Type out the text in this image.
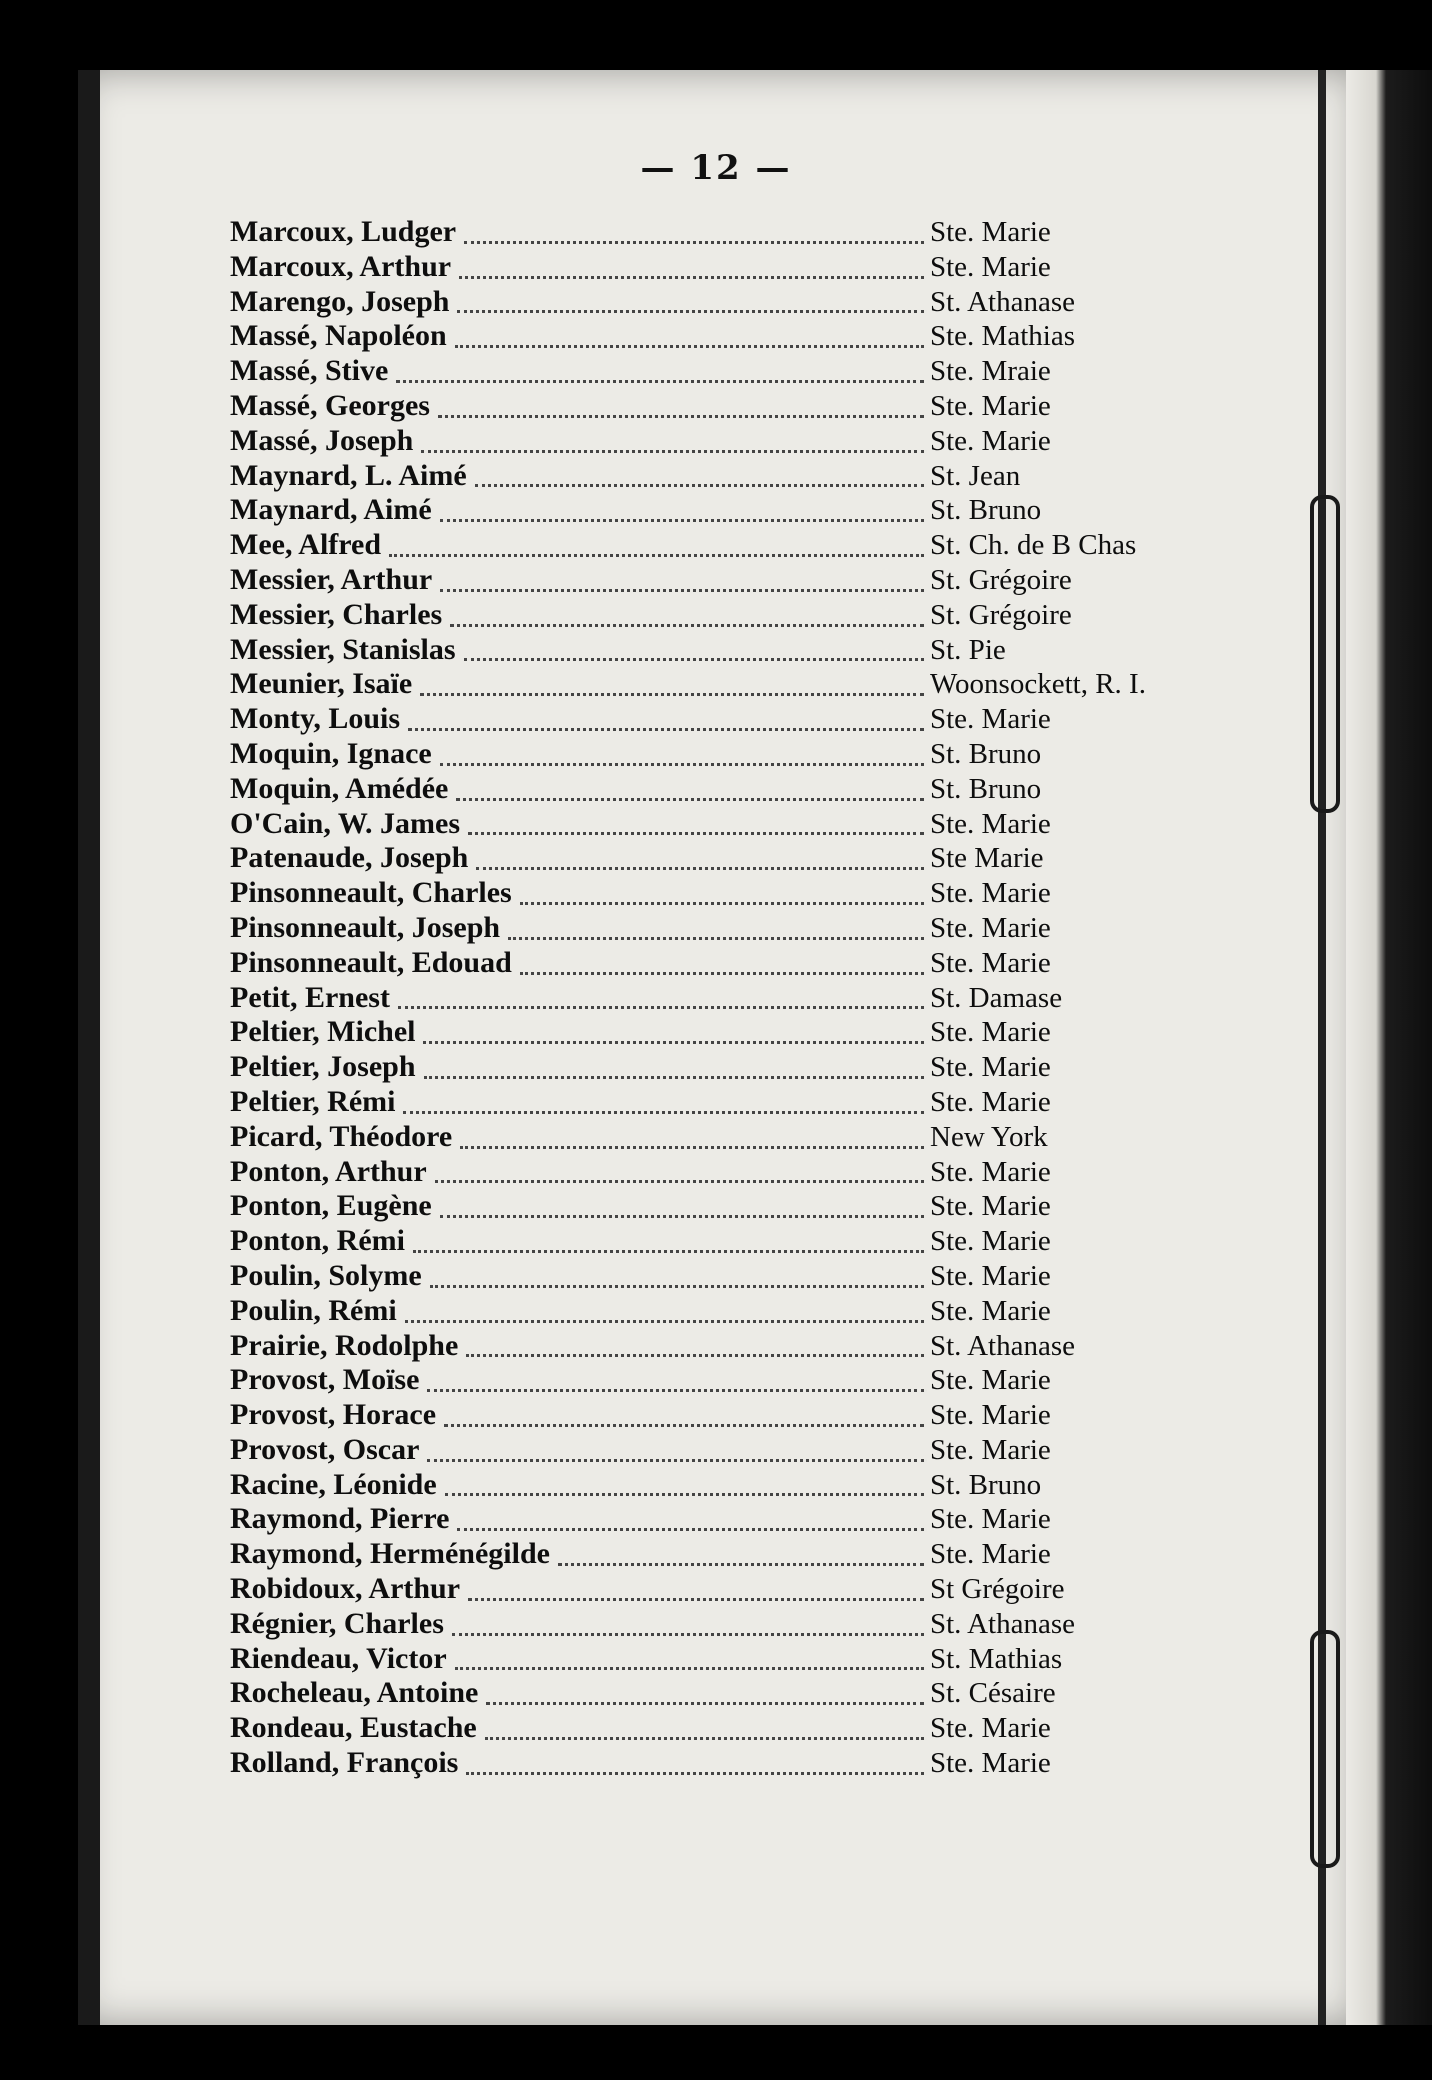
— 12 —
Marcoux, Ludger	Ste. Marie
Marcoux, Arthur	Ste. Marie
Marengo, Joseph	St. Athanase
Massé, Napoléon	Ste. Mathias
Massé, Stive	Ste. Mraie
Massé, Georges	Ste. Marie
Massé, Joseph	Ste. Marie
Maynard, L. Aimé	St. Jean
Maynard, Aimé	St. Bruno
Mee, Alfred	St. Ch. de B Chas
Messier, Arthur	St. Grégoire
Messier, Charles	St. Grégoire
Messier, Stanislas	St. Pie
Meunier, Isaïe	Woonsockett, R. I.
Monty, Louis	Ste. Marie
Moquin, Ignace	St. Bruno
Moquin, Amédée	St. Bruno
O'Cain, W. James	Ste. Marie
Patenaude, Joseph	Ste Marie
Pinsonneault, Charles	Ste. Marie
Pinsonneault, Joseph	Ste. Marie
Pinsonneault, Edouad	Ste. Marie
Petit, Ernest	St. Damase
Peltier, Michel	Ste. Marie
Peltier, Joseph	Ste. Marie
Peltier, Rémi	Ste. Marie
Picard, Théodore	New York
Ponton, Arthur	Ste. Marie
Ponton, Eugène	Ste. Marie
Ponton, Rémi	Ste. Marie
Poulin, Solyme	Ste. Marie
Poulin, Rémi	Ste. Marie
Prairie, Rodolphe	St. Athanase
Provost, Moïse	Ste. Marie
Provost, Horace	Ste. Marie
Provost, Oscar	Ste. Marie
Racine, Léonide	St. Bruno
Raymond, Pierre	Ste. Marie
Raymond, Herménégilde	Ste. Marie
Robidoux, Arthur	St Grégoire
Régnier, Charles	St. Athanase
Riendeau, Victor	St. Mathias
Rocheleau, Antoine	St. Césaire
Rondeau, Eustache	Ste. Marie
Rolland, François	Ste. Marie
